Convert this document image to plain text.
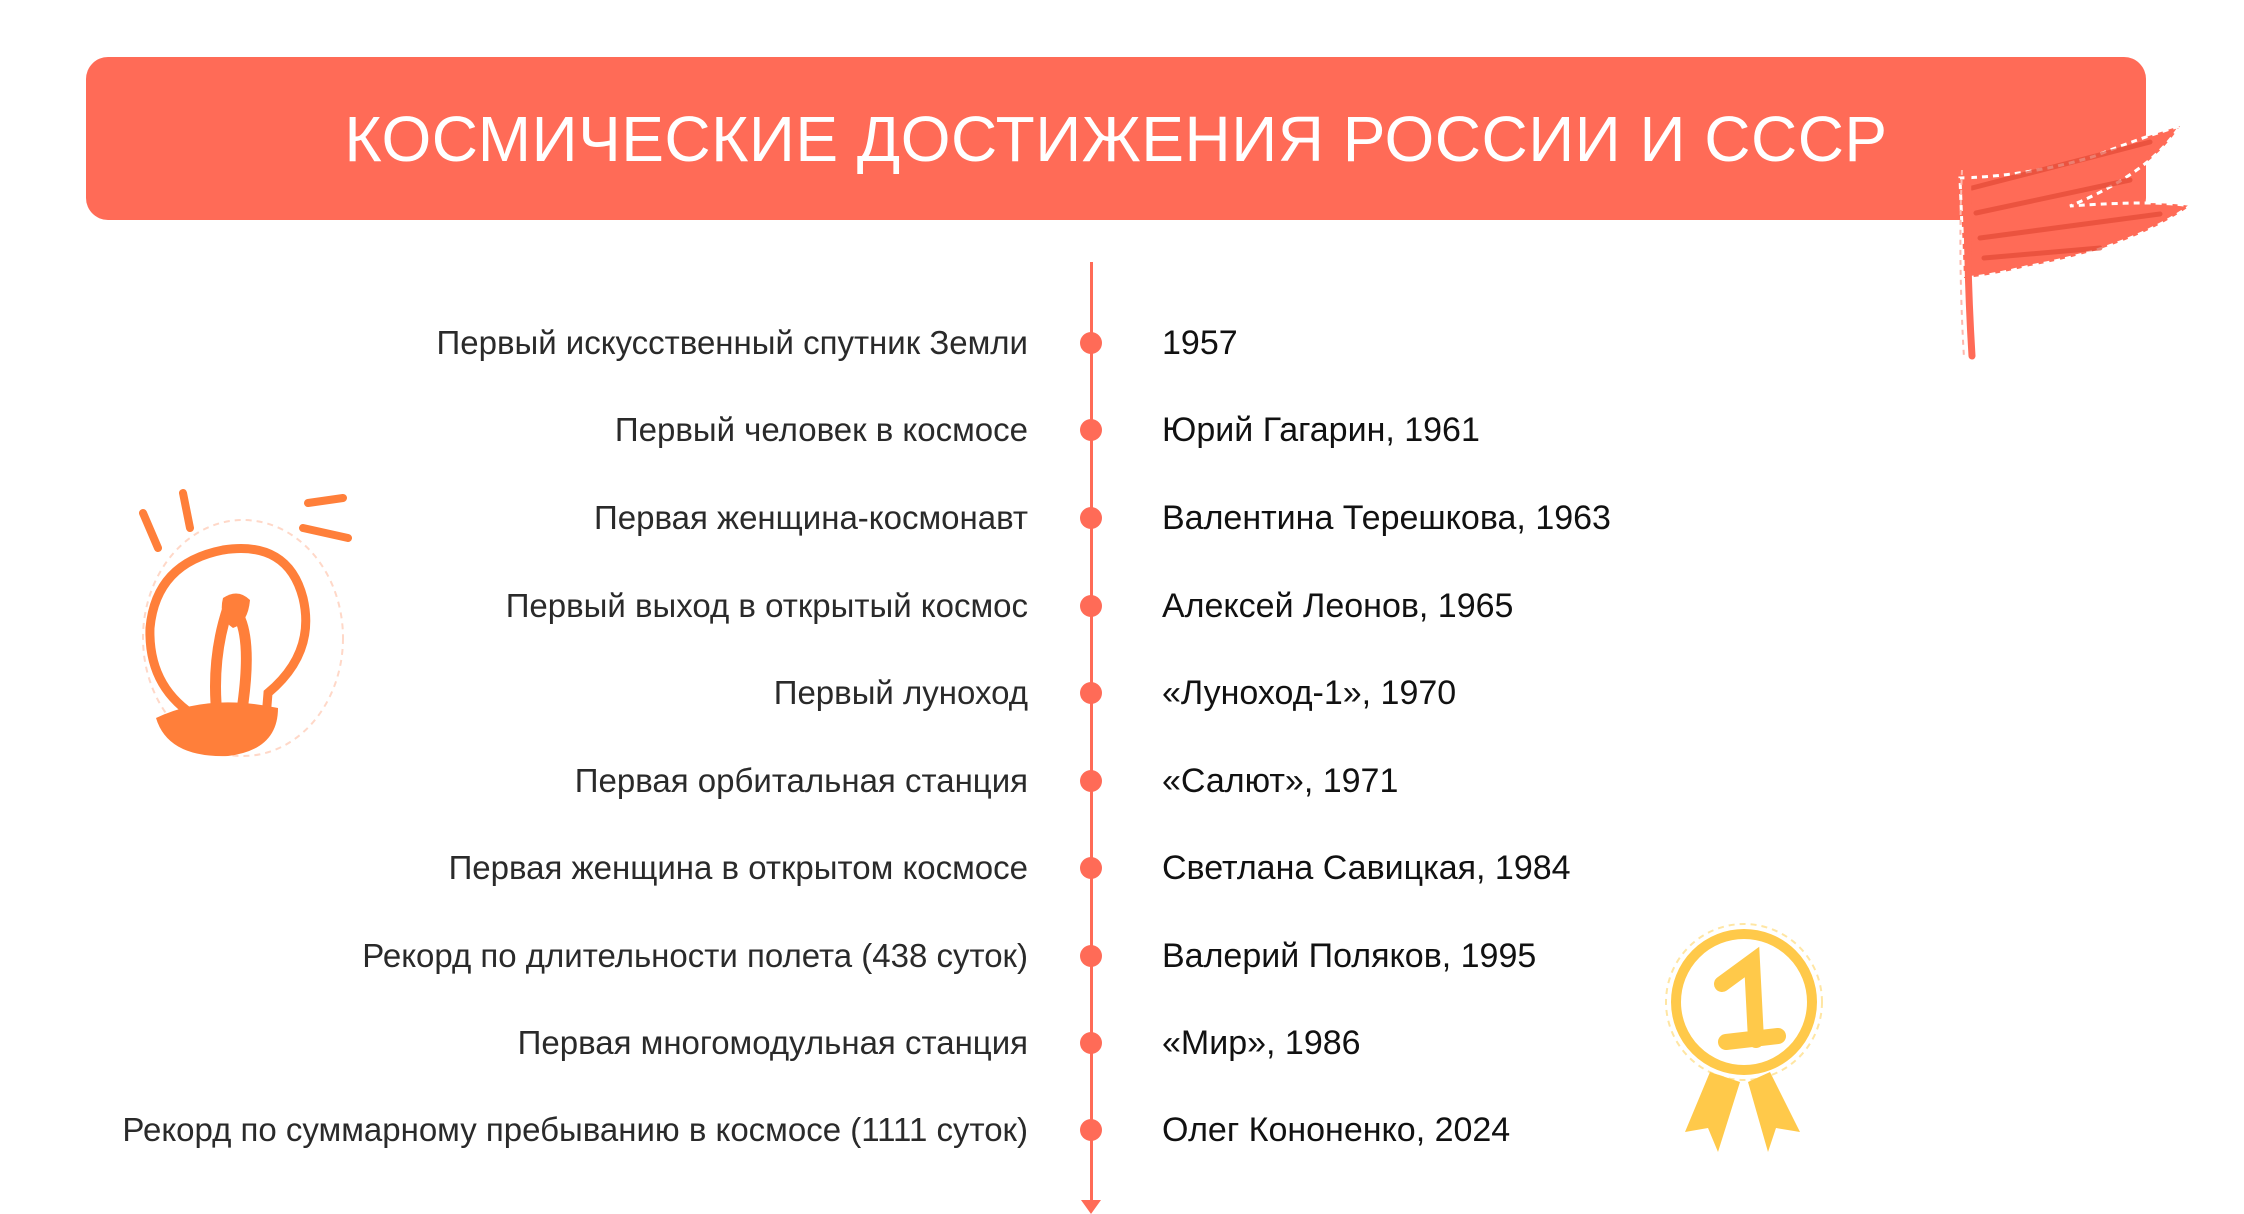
КОСМИЧЕСКИЕ ДОСТИЖЕНИЯ РОССИИ И СССР
Первый искусственный спутник Земли	1957
Первый человек в космосе	Юрий Гагарин, 1961
Первая женщина-космонавт	Валентина Терешкова, 1963
Первый выход в открытый космос	Алексей Леонов, 1965
Первый луноход	«Луноход-1», 1970
Первая орбитальная станция	«Салют», 1971
Первая женщина в открытом космосе	Светлана Савицкая, 1984
Рекорд по длительности полета (438 суток)	Валерий Поляков, 1995
Первая многомодульная станция	«Мир», 1986
Рекорд по суммарному пребыванию в космосе (1111 суток)	Олег Кононенко, 2024
